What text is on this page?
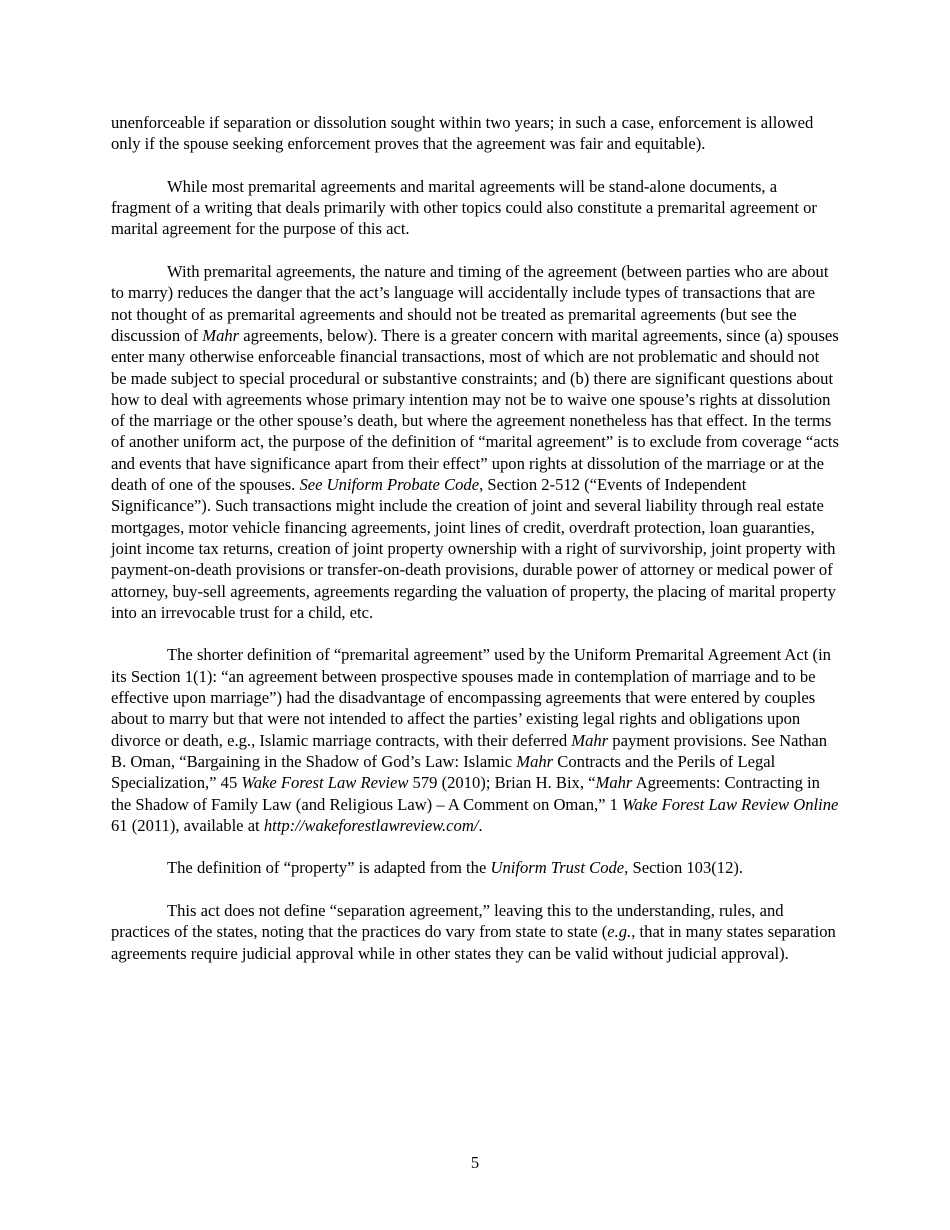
unenforceable if separation or dissolution sought within two years; in such a case, enforcement is allowed only if the spouse seeking enforcement proves that the agreement was fair and equitable).

While most premarital agreements and marital agreements will be stand-alone documents, a fragment of a writing that deals primarily with other topics could also constitute a premarital agreement or marital agreement for the purpose of this act.

With premarital agreements, the nature and timing of the agreement (between parties who are about to marry) reduces the danger that the act’s language will accidentally include types of transactions that are not thought of as premarital agreements and should not be treated as premarital agreements (but see the discussion of Mahr agreements, below). There is a greater concern with marital agreements, since (a) spouses enter many otherwise enforceable financial transactions, most of which are not problematic and should not be made subject to special procedural or substantive constraints; and (b) there are significant questions about how to deal with agreements whose primary intention may not be to waive one spouse’s rights at dissolution of the marriage or the other spouse’s death, but where the agreement nonetheless has that effect. In the terms of another uniform act, the purpose of the definition of “marital agreement” is to exclude from coverage “acts and events that have significance apart from their effect” upon rights at dissolution of the marriage or at the death of one of the spouses. See Uniform Probate Code, Section 2-512 (“Events of Independent Significance”). Such transactions might include the creation of joint and several liability through real estate mortgages, motor vehicle financing agreements, joint lines of credit, overdraft protection, loan guaranties, joint income tax returns, creation of joint property ownership with a right of survivorship, joint property with payment-on-death provisions or transfer-on-death provisions, durable power of attorney or medical power of attorney, buy-sell agreements, agreements regarding the valuation of property, the placing of marital property into an irrevocable trust for a child, etc.

The shorter definition of “premarital agreement” used by the Uniform Premarital Agreement Act (in its Section 1(1): “an agreement between prospective spouses made in contemplation of marriage and to be effective upon marriage”) had the disadvantage of encompassing agreements that were entered by couples about to marry but that were not intended to affect the parties’ existing legal rights and obligations upon divorce or death, e.g., Islamic marriage contracts, with their deferred Mahr payment provisions. See Nathan B. Oman, “Bargaining in the Shadow of God’s Law: Islamic Mahr Contracts and the Perils of Legal Specialization,” 45 Wake Forest Law Review 579 (2010); Brian H. Bix, “Mahr Agreements: Contracting in the Shadow of Family Law (and Religious Law) – A Comment on Oman,” 1 Wake Forest Law Review Online 61 (2011), available at http://wakeforestlawreview.com/.

The definition of “property” is adapted from the Uniform Trust Code, Section 103(12).

This act does not define “separation agreement,” leaving this to the understanding, rules, and practices of the states, noting that the practices do vary from state to state (e.g., that in many states separation agreements require judicial approval while in other states they can be valid without judicial approval).

5
